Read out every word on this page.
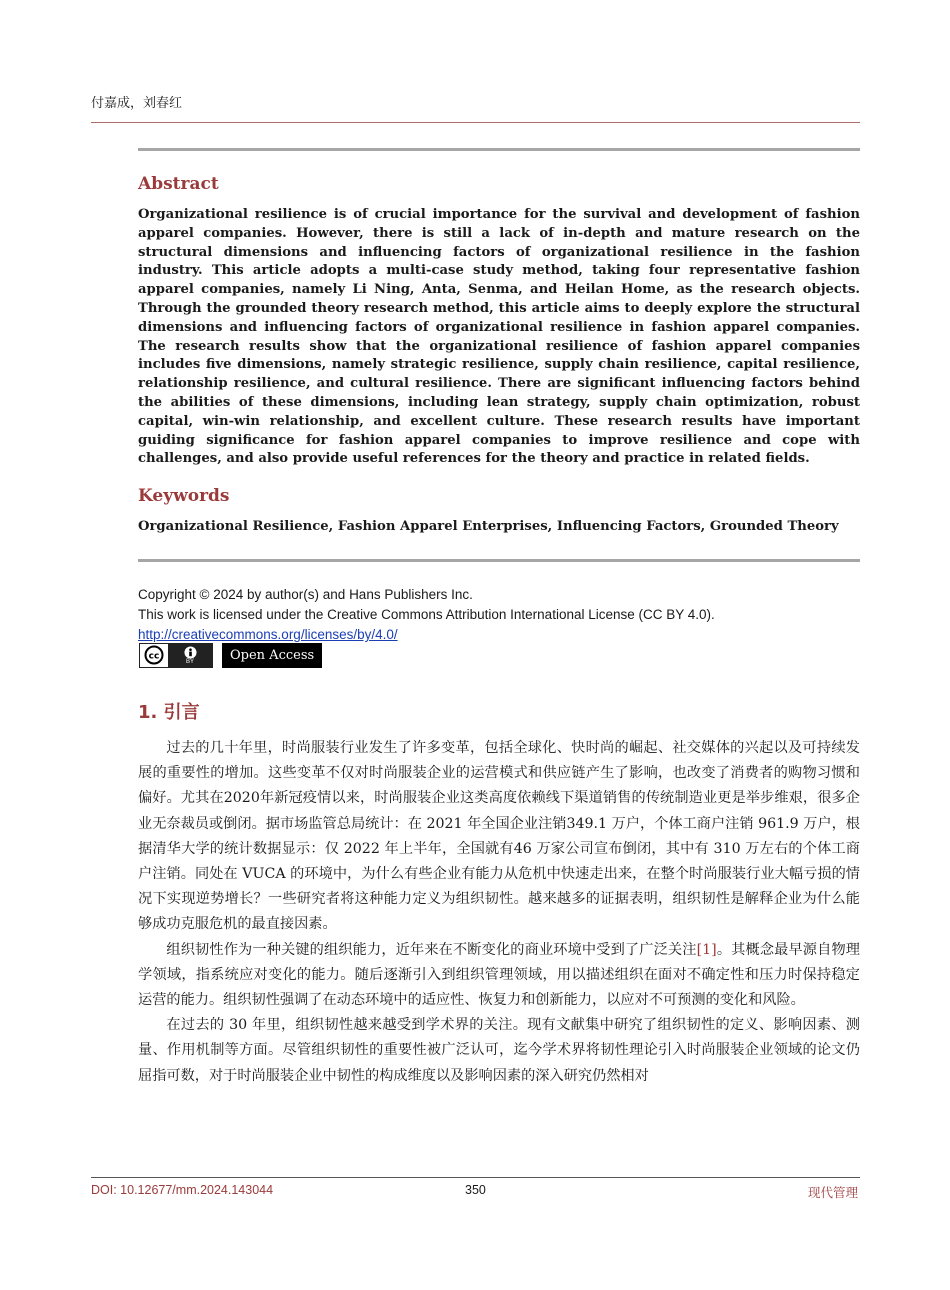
付嘉成，刘春红
Abstract

Organizational resilience is of crucial importance for the survival and development of fashion apparel companies. However, there is still a lack of in-depth and mature research on the structural dimensions and influencing factors of organizational resilience in the fashion industry. This article adopts a multi-case study method, taking four representative fashion apparel companies, namely Li Ning, Anta, Senma, and Heilan Home, as the research objects. Through the grounded theory research method, this article aims to deeply explore the structural dimensions and influencing factors of organizational resilience in fashion apparel companies. The research results show that the organizational resilience of fashion apparel companies includes five dimensions, namely strategic resilience, supply chain resilience, capital resilience, relationship resilience, and cultural resilience. There are significant influencing factors behind the abilities of these dimensions, including lean strategy, supply chain optimization, robust capital, win-win relationship, and excellent culture. These research results have important guiding significance for fashion apparel companies to improve resilience and cope with challenges, and also provide useful references for the theory and practice in related fields.

Keywords

Organizational Resilience, Fashion Apparel Enterprises, Influencing Factors, Grounded Theory

Copyright © 2024 by author(s) and Hans Publishers Inc.
This work is licensed under the Creative Commons Attribution International License (CC BY 4.0).
http://creativecommons.org/licenses/by/4.0/
cc	BY	Open Access
1. 引言

过去的几十年里，时尚服装行业发生了许多变革，包括全球化、快时尚的崛起、社交媒体的兴起以及可持续发展的重要性的增加。这些变革不仅对时尚服装企业的运营模式和供应链产生了影响，也改变了消费者的购物习惯和偏好。尤其在2020年新冠疫情以来，时尚服装企业这类高度依赖线下渠道销售的传统制造业更是举步维艰，很多企业无奈裁员或倒闭。据市场监管总局统计：在 2021 年全国企业注销349.1 万户，个体工商户注销 961.9 万户，根据清华大学的统计数据显示：仅 2022 年上半年，全国就有46 万家公司宣布倒闭，其中有 310 万左右的个体工商户注销。同处在 VUCA 的环境中，为什么有些企业有能力从危机中快速走出来，在整个时尚服装行业大幅亏损的情况下实现逆势增长？一些研究者将这种能力定义为组织韧性。越来越多的证据表明，组织韧性是解释企业为什么能够成功克服危机的最直接因素。

组织韧性作为一种关键的组织能力，近年来在不断变化的商业环境中受到了广泛关注[1]。其概念最早源自物理学领域，指系统应对变化的能力。随后逐渐引入到组织管理领域，用以描述组织在面对不确定性和压力时保持稳定运营的能力。组织韧性强调了在动态环境中的适应性、恢复力和创新能力，以应对不可预测的变化和风险。

在过去的 30 年里，组织韧性越来越受到学术界的关注。现有文献集中研究了组织韧性的定义、影响因素、测量、作用机制等方面。尽管组织韧性的重要性被广泛认可，迄今学术界将韧性理论引入时尚服装企业领域的论文仍屈指可数，对于时尚服装企业中韧性的构成维度以及影响因素的深入研究仍然相对

DOI: 10.12677/mm.2024.143044	350	现代管理
